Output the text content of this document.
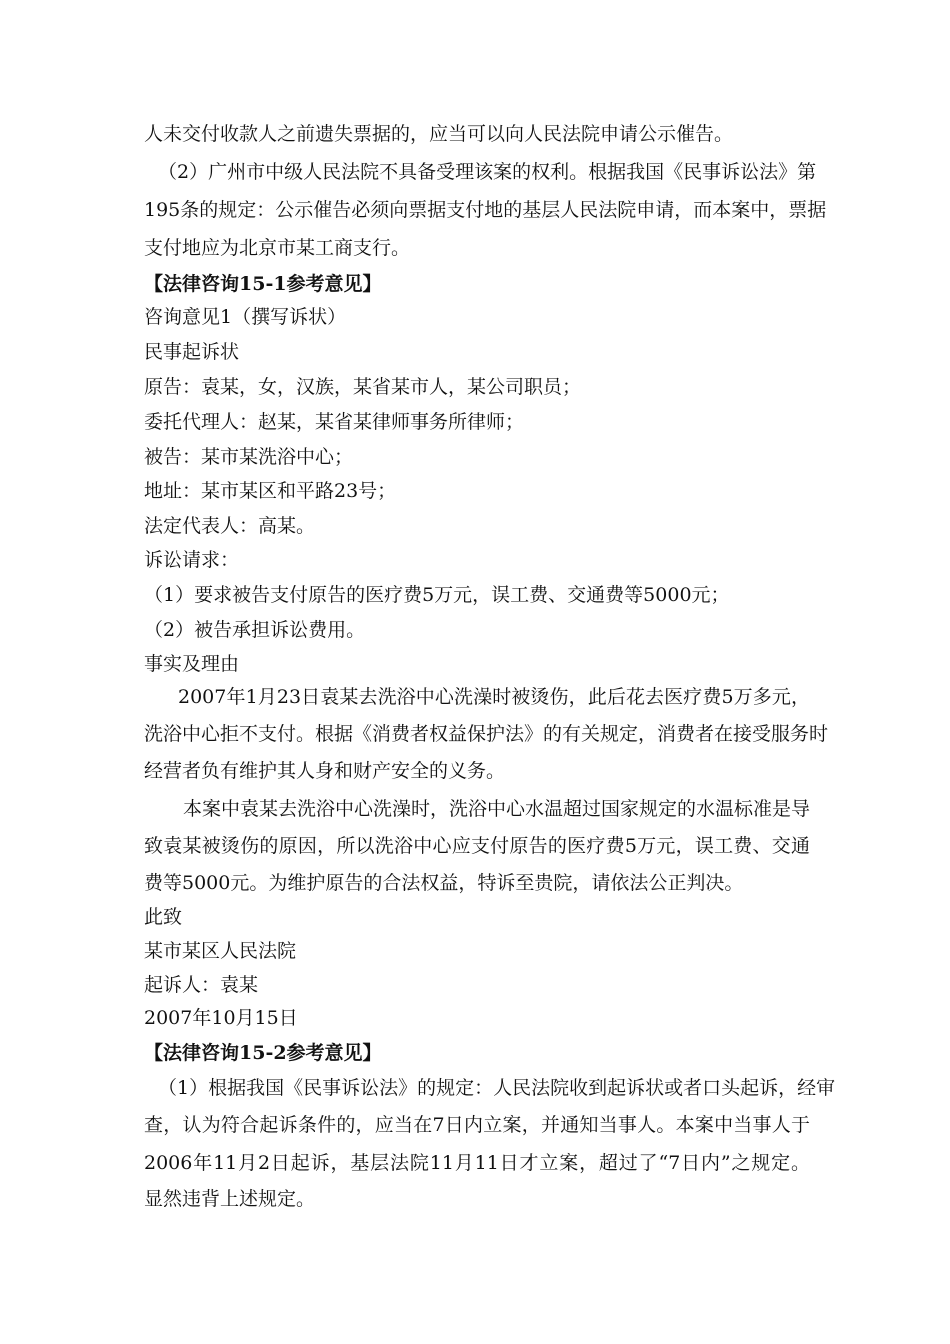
人未交付收款人之前遗失票据的，应当可以向人民法院申请公示催告。
（2）广州市中级人民法院不具备受理该案的权利。根据我国《民事诉讼法》第
195条的规定：公示催告必须向票据支付地的基层人民法院申请，而本案中，票据
支付地应为北京市某工商支行。
【法律咨询15-1参考意见】
咨询意见1（撰写诉状）
民事起诉状
原告：袁某，女，汉族，某省某市人，某公司职员；
委托代理人：赵某，某省某律师事务所律师；
被告：某市某洗浴中心；
地址：某市某区和平路23号；
法定代表人：高某。
诉讼请求：
（1）要求被告支付原告的医疗费5万元，误工费、交通费等5000元；
（2）被告承担诉讼费用。
事实及理由
2007年1月23日袁某去洗浴中心洗澡时被烫伤，此后花去医疗费5万多元，
洗浴中心拒不支付。根据《消费者权益保护法》的有关规定，消费者在接受服务时
经营者负有维护其人身和财产安全的义务。
本案中袁某去洗浴中心洗澡时，洗浴中心水温超过国家规定的水温标准是导
致袁某被烫伤的原因，所以洗浴中心应支付原告的医疗费5万元，误工费、交通
费等5000元。为维护原告的合法权益，特诉至贵院，请依法公正判决。
此致
某市某区人民法院
起诉人：袁某
2007年10月15日
【法律咨询15-2参考意见】
（1）根据我国《民事诉讼法》的规定：人民法院收到起诉状或者口头起诉，经审
查，认为符合起诉条件的，应当在7日内立案，并通知当事人。本案中当事人于
2006年11月2日起诉，基层法院11月11日才立案，超过了“7日内”之规定。
显然违背上述规定。
